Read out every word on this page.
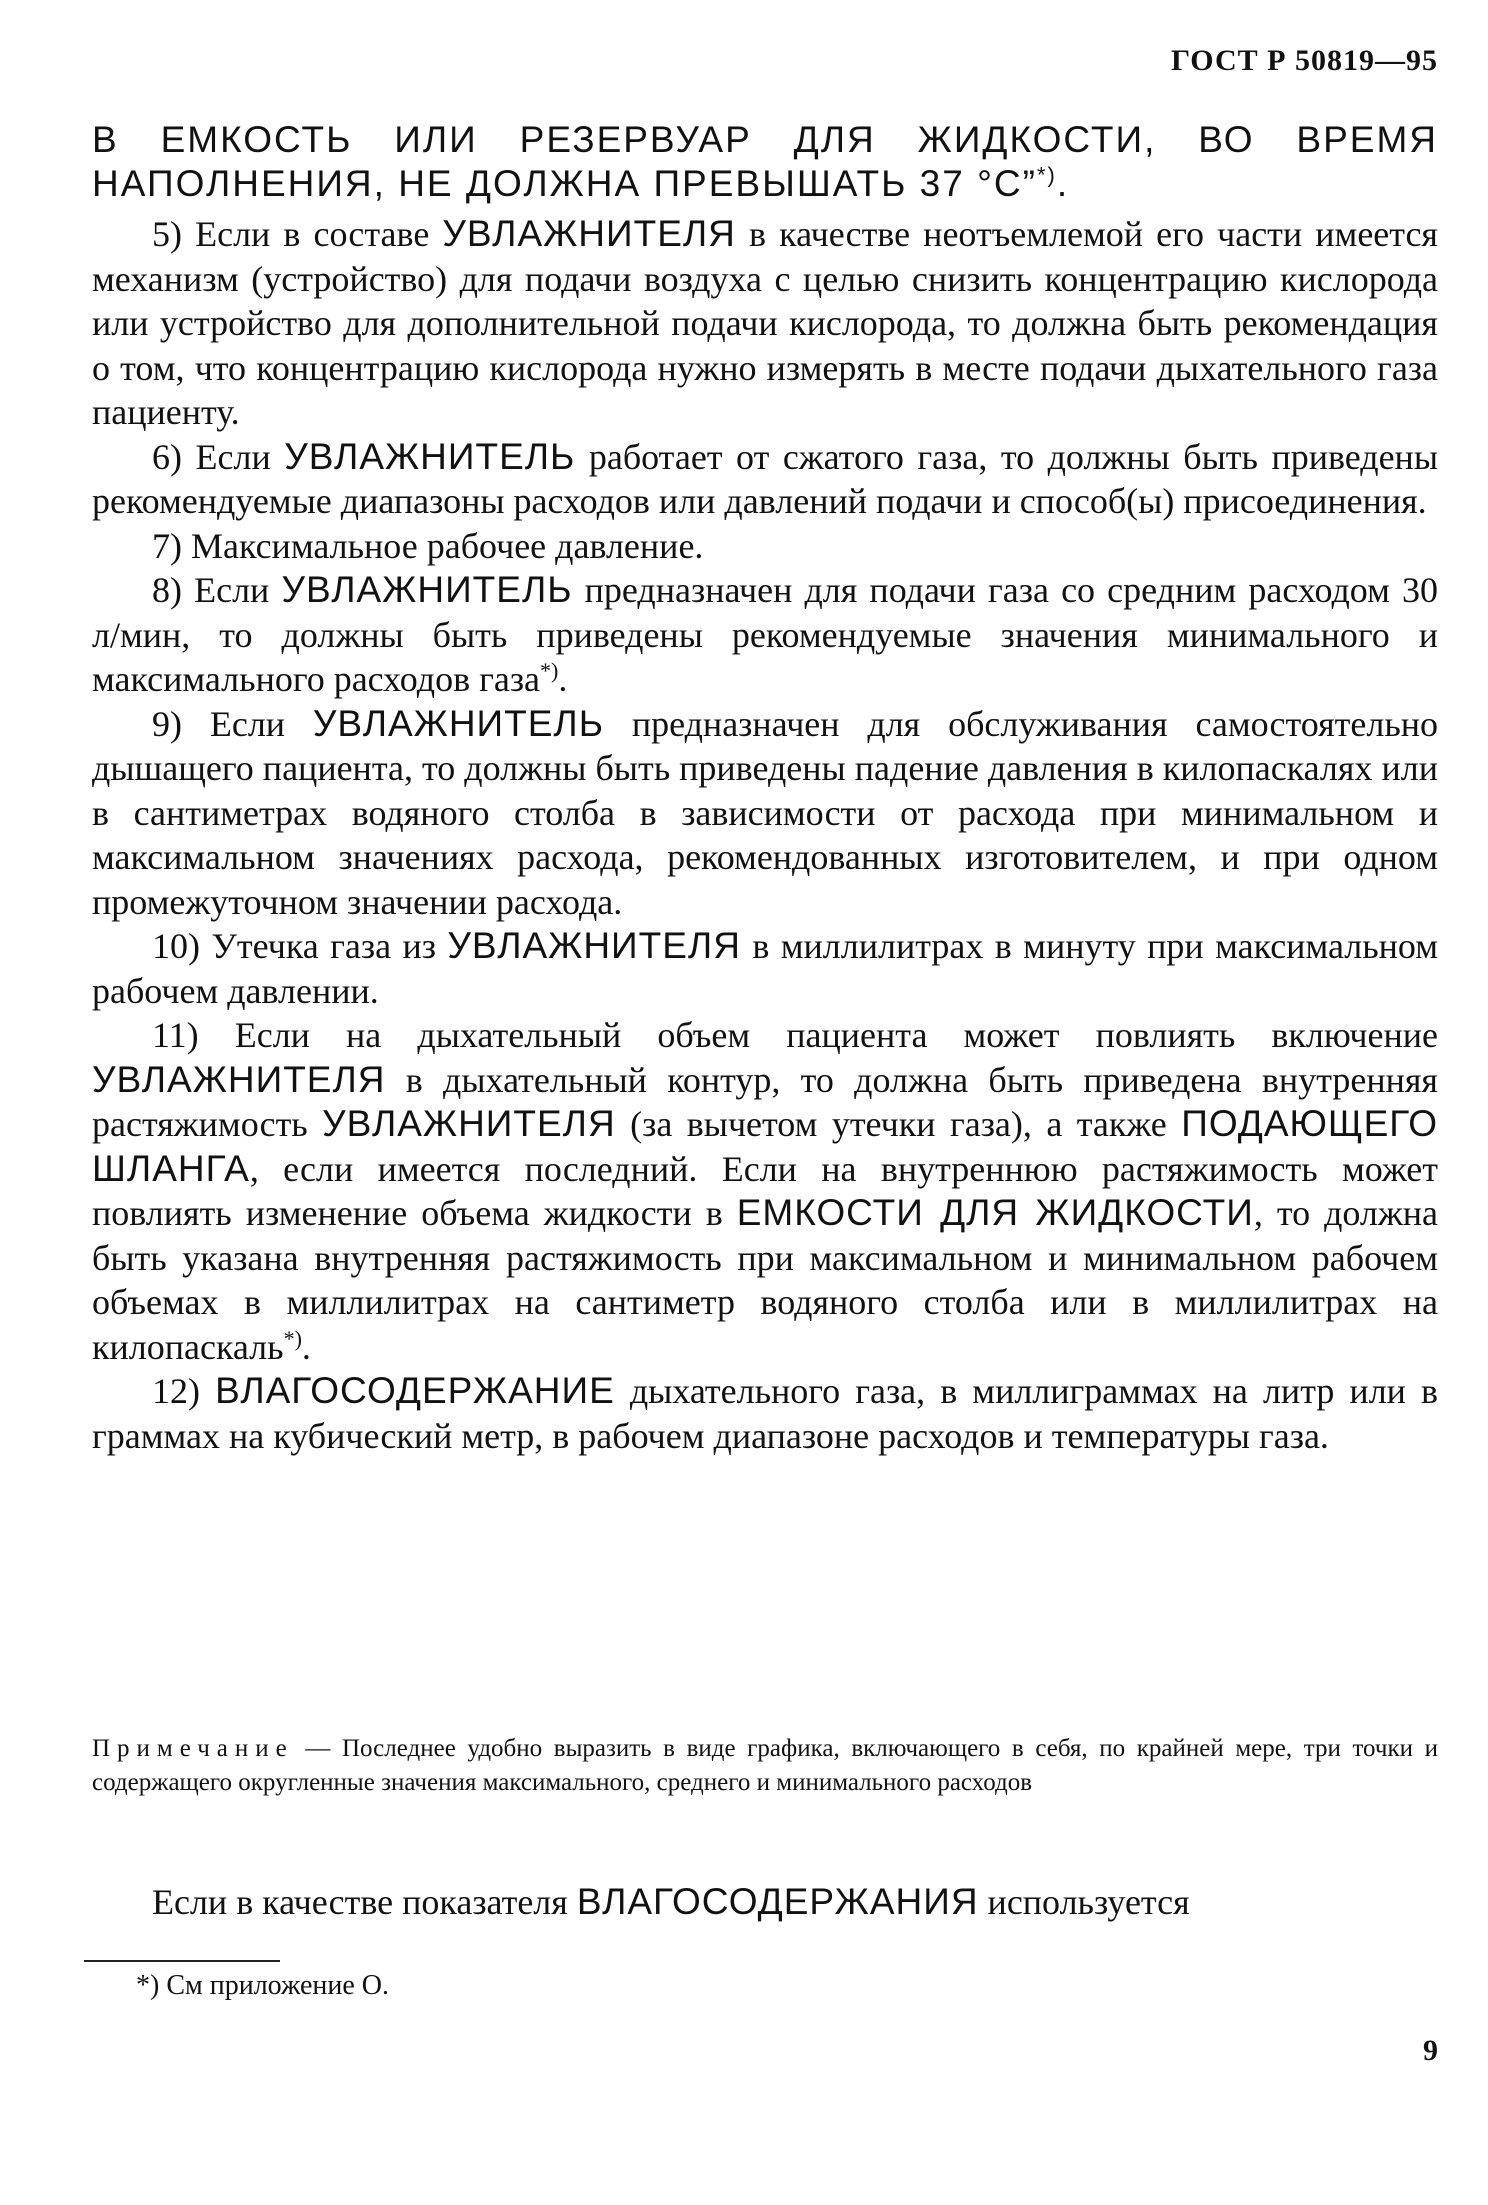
ГОСТ Р 50819—95

В ЕМКОСТЬ ИЛИ РЕЗЕРВУАР ДЛЯ ЖИДКОСТИ, ВО ВРЕМЯ НАПОЛНЕНИЯ, НЕ ДОЛЖНА ПРЕВЫШАТЬ 37 °С”*).

5) Если в составе УВЛАЖНИТЕЛЯ в качестве неотъемлемой его части имеется механизм (устройство) для подачи воздуха с целью снизить концентрацию кислорода или устройство для дополнительной подачи кислорода, то должна быть рекомендация о том, что концентрацию кислорода нужно измерять в месте подачи дыхательного газа пациенту.

6) Если УВЛАЖНИТЕЛЬ работает от сжатого газа, то должны быть приведены рекомендуемые диапазоны расходов или давлений подачи и способ(ы) присоединения.

7) Максимальное рабочее давление.

8) Если УВЛАЖНИТЕЛЬ предназначен для подачи газа со средним расходом 30 л/мин, то должны быть приведены рекомендуемые значения минимального и максимального расходов газа*).

9) Если УВЛАЖНИТЕЛЬ предназначен для обслуживания самостоятельно дышащего пациента, то должны быть приведены падение давления в килопаскалях или в сантиметрах водяного столба в зависимости от расхода при минимальном и максимальном значениях расхода, рекомендованных изготовителем, и при одном промежуточном значении расхода.

10) Утечка газа из УВЛАЖНИТЕЛЯ в миллилитрах в минуту при максимальном рабочем давлении.

11) Если на дыхательный объем пациента может повлиять включение УВЛАЖНИТЕЛЯ в дыхательный контур, то должна быть приведена внутренняя растяжимость УВЛАЖНИТЕЛЯ (за вычетом утечки газа), а также ПОДАЮЩЕГО ШЛАНГА, если имеется последний. Если на внутреннюю растяжимость может повлиять изменение объема жидкости в ЕМКОСТИ ДЛЯ ЖИДКОСТИ, то должна быть указана внутренняя растяжимость при максимальном и минимальном рабочем объемах в миллилитрах на сантиметр водяного столба или в миллилитрах на килопаскаль*).

12) ВЛАГОСОДЕРЖАНИЕ дыхательного газа, в миллиграммах на литр или в граммах на кубический метр, в рабочем диапазоне расходов и температуры газа.

Примечание — Последнее удобно выразить в виде графика, включающего в себя, по крайней мере, три точки и содержащего округленные значения максимального, среднего и минимального расходов
Если в качестве показателя ВЛАГОСОДЕРЖАНИЯ используется
*) См приложение О.
9
